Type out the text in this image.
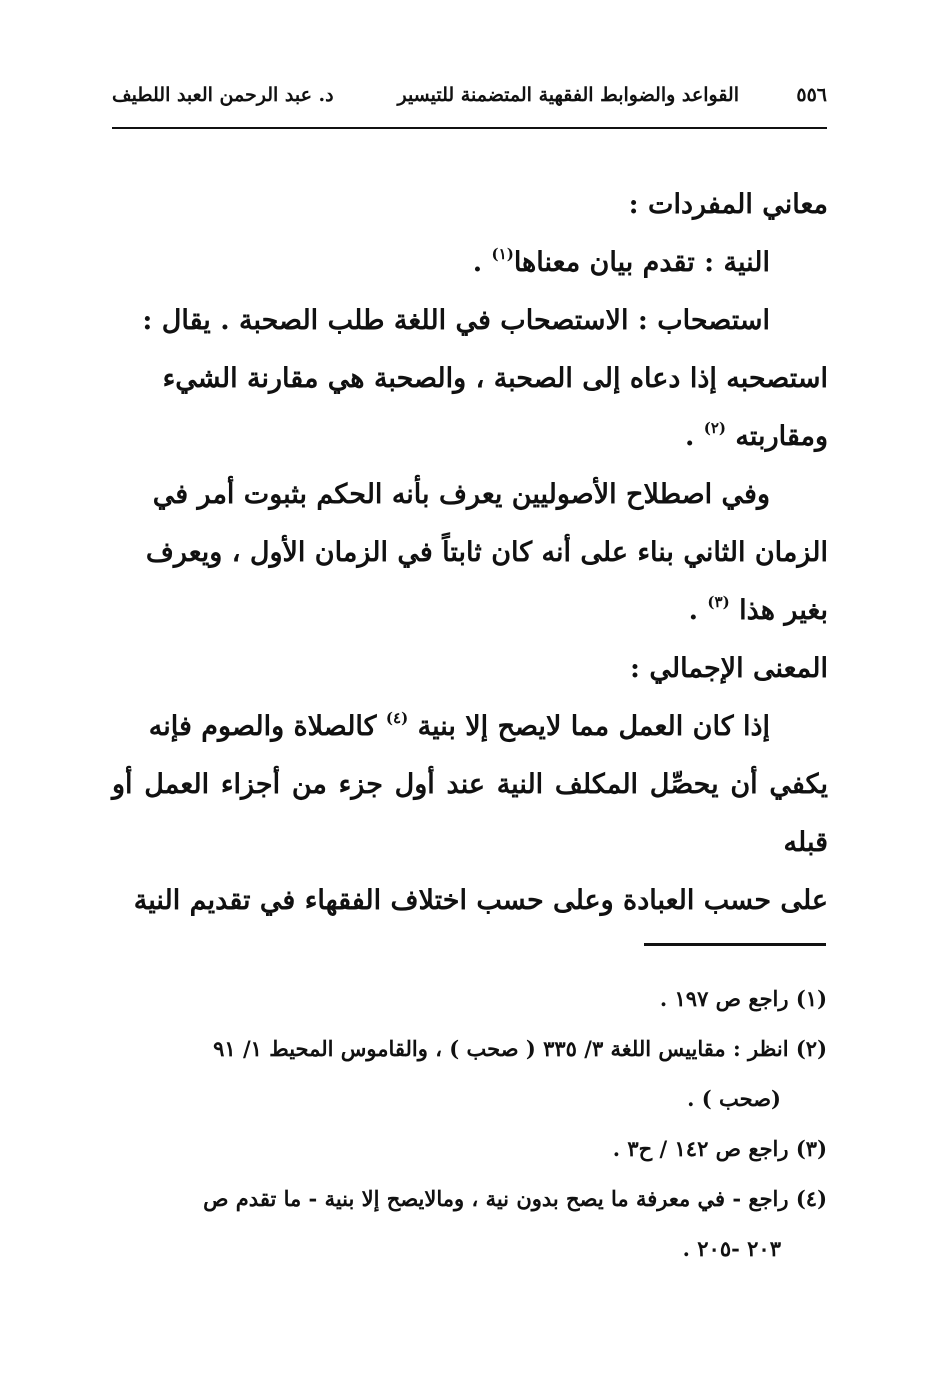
٥٥٦
القواعد والضوابط الفقهية المتضمنة للتيسير
د. عبد الرحمن العبد اللطيف

معاني المفردات :

النية : تقدم بيان معناها$^{(١)}$ .

استصحاب : الاستصحاب في اللغة طلب الصحبة . يقال :

استصحبه إذا دعاه إلى الصحبة ، والصحبة هي مقارنة الشيء

ومقاربته $^{(٢)}$ .

وفي اصطلاح الأصوليين يعرف بأنه الحكم بثبوت أمر في

الزمان الثاني بناء على أنه كان ثابتاً في الزمان الأول ، ويعرف

بغير هذا $^{(٣)}$ .

المعنى الإجمالي :

إذا كان العمل مما لايصح إلا بنية $^{(٤)}$ كالصلاة والصوم فإنه

يكفي أن يحصِّل المكلف النية عند أول جزء من أجزاء العمل أو قبله

على حسب العبادة وعلى حسب اختلاف الفقهاء في تقديم النية

(١) راجع ص ١٩٧ .

(٢) انظر : مقاييس اللغة ٣/ ٣٣٥ ( صحب ) ، والقاموس المحيط ١/ ٩١

(صحب ) .

(٣) راجع ص ١٤٢ / ح٣ .

(٤) راجع - في معرفة ما يصح بدون نية ، ومالايصح إلا بنية - ما تقدم ص

٢٠٣ -٢٠٥ .
